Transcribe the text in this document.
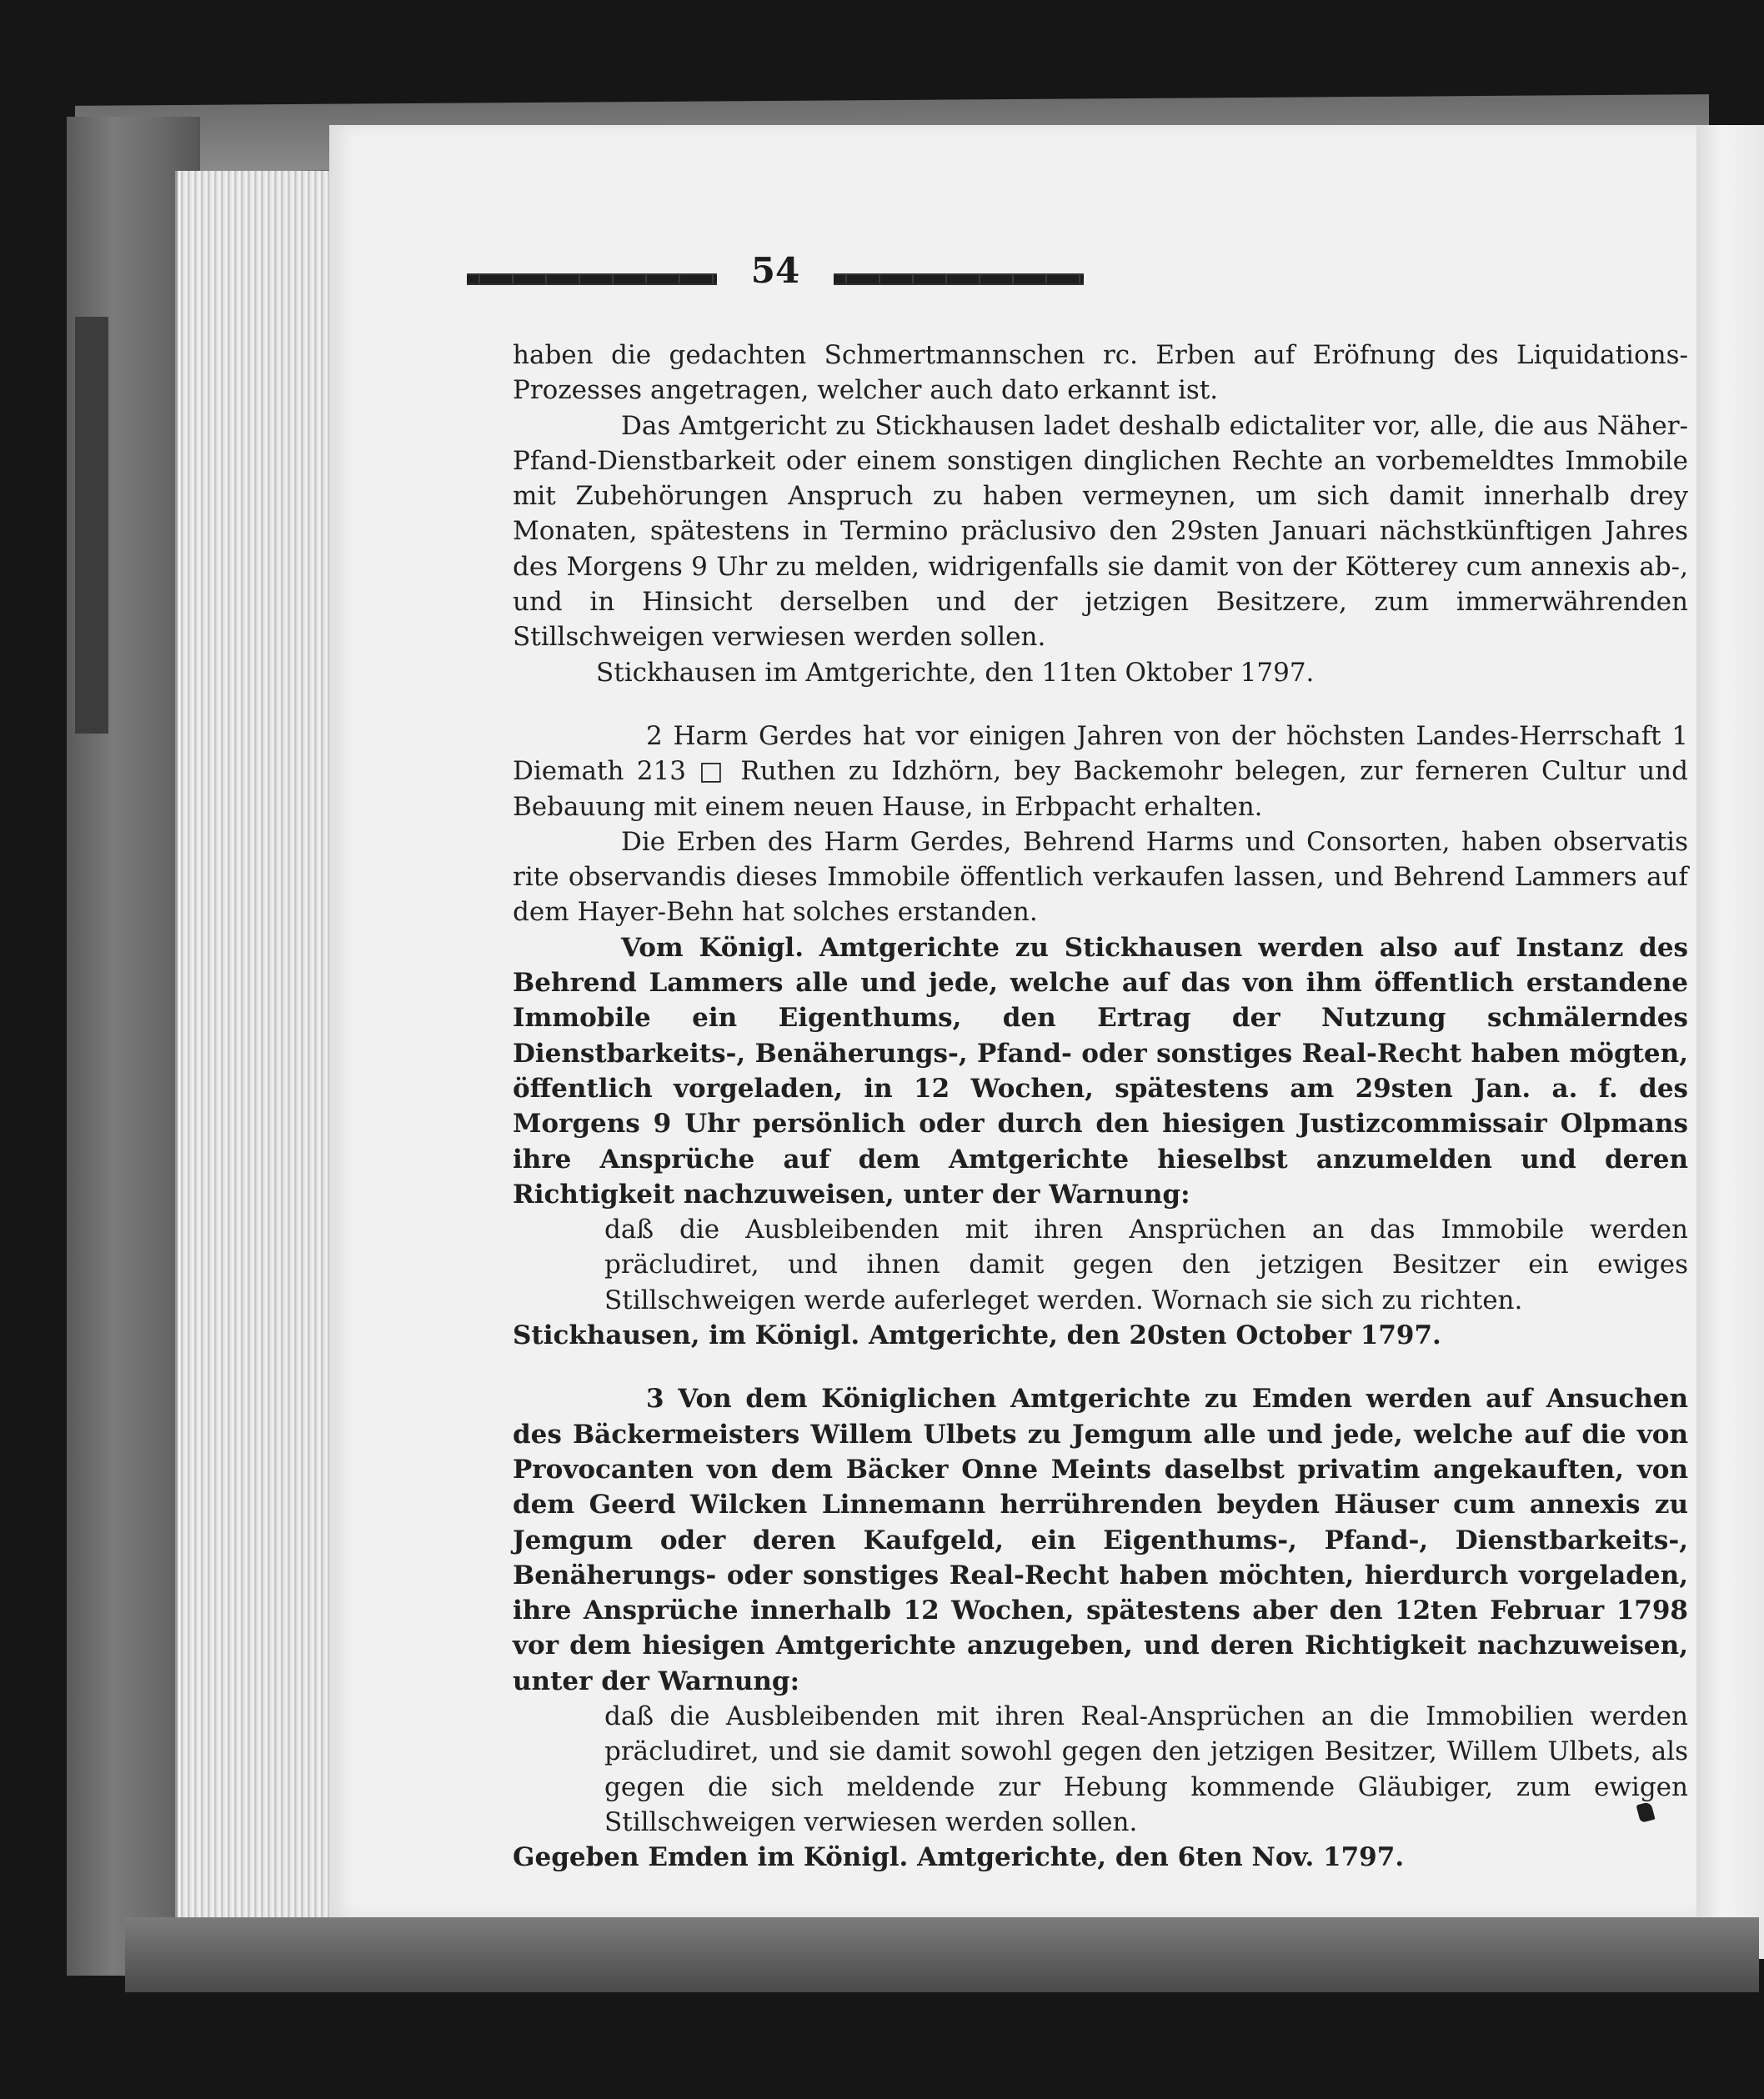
54

haben die gedachten Schmertmannschen rc. Erben auf Eröfnung des Liquidations-Prozesses angetragen, welcher auch dato erkannt ist.

Das Amtgericht zu Stickhausen ladet deshalb edictaliter vor, alle, die aus Näher-Pfand-Dienstbarkeit oder einem sonstigen dinglichen Rechte an vorbemeldtes Immobile mit Zubehörungen Anspruch zu haben vermeynen, um sich damit innerhalb drey Monaten, spätestens in Termino präclusivo den 29sten Januari nächstkünftigen Jahres des Morgens 9 Uhr zu melden, widrigenfalls sie damit von der Kötterey cum annexis ab-, und in Hinsicht derselben und der jetzigen Besitzere, zum immerwährenden Stillschweigen verwiesen werden sollen.

Stickhausen im Amtgerichte, den 11ten Oktober 1797.

2 Harm Gerdes hat vor einigen Jahren von der höchsten Landes-Herrschaft 1 Diemath 213 □ Ruthen zu Idzhörn, bey Backemohr belegen, zur ferneren Cultur und Bebauung mit einem neuen Hause, in Erbpacht erhalten.

Die Erben des Harm Gerdes, Behrend Harms und Consorten, haben observatis rite observandis dieses Immobile öffentlich verkaufen lassen, und Behrend Lammers auf dem Hayer-Behn hat solches erstanden.

Vom Königl. Amtgerichte zu Stickhausen werden also auf Instanz des Behrend Lammers alle und jede, welche auf das von ihm öffentlich erstandene Immobile ein Eigenthums, den Ertrag der Nutzung schmälerndes Dienstbarkeits-, Benäherungs-, Pfand- oder sonstiges Real-Recht haben mögten, öffentlich vorgeladen, in 12 Wochen, spätestens am 29sten Jan. a. f. des Morgens 9 Uhr persönlich oder durch den hiesigen Justizcommissair Olpmans ihre Ansprüche auf dem Amtgerichte hieselbst anzumelden und deren Richtigkeit nachzuweisen, unter der Warnung:

daß die Ausbleibenden mit ihren Ansprüchen an das Immobile werden präcludiret, und ihnen damit gegen den jetzigen Besitzer ein ewiges Stillschweigen werde auferleget werden. Wornach sie sich zu richten.

Stickhausen, im Königl. Amtgerichte, den 20sten October 1797.

3 Von dem Königlichen Amtgerichte zu Emden werden auf Ansuchen des Bäckermeisters Willem Ulbets zu Jemgum alle und jede, welche auf die von Provocanten von dem Bäcker Onne Meints daselbst privatim angekauften, von dem Geerd Wilcken Linnemann herrührenden beyden Häuser cum annexis zu Jemgum oder deren Kaufgeld, ein Eigenthums-, Pfand-, Dienstbarkeits-, Benäherungs- oder sonstiges Real-Recht haben möchten, hierdurch vorgeladen, ihre Ansprüche innerhalb 12 Wochen, spätestens aber den 12ten Februar 1798 vor dem hiesigen Amtgerichte anzugeben, und deren Richtigkeit nachzuweisen, unter der Warnung:

daß die Ausbleibenden mit ihren Real-Ansprüchen an die Immobilien werden präcludiret, und sie damit sowohl gegen den jetzigen Besitzer, Willem Ulbets, als gegen die sich meldende zur Hebung kommende Gläubiger, zum ewigen Stillschweigen verwiesen werden sollen.

Gegeben Emden im Königl. Amtgerichte, den 6ten Nov. 1797.
